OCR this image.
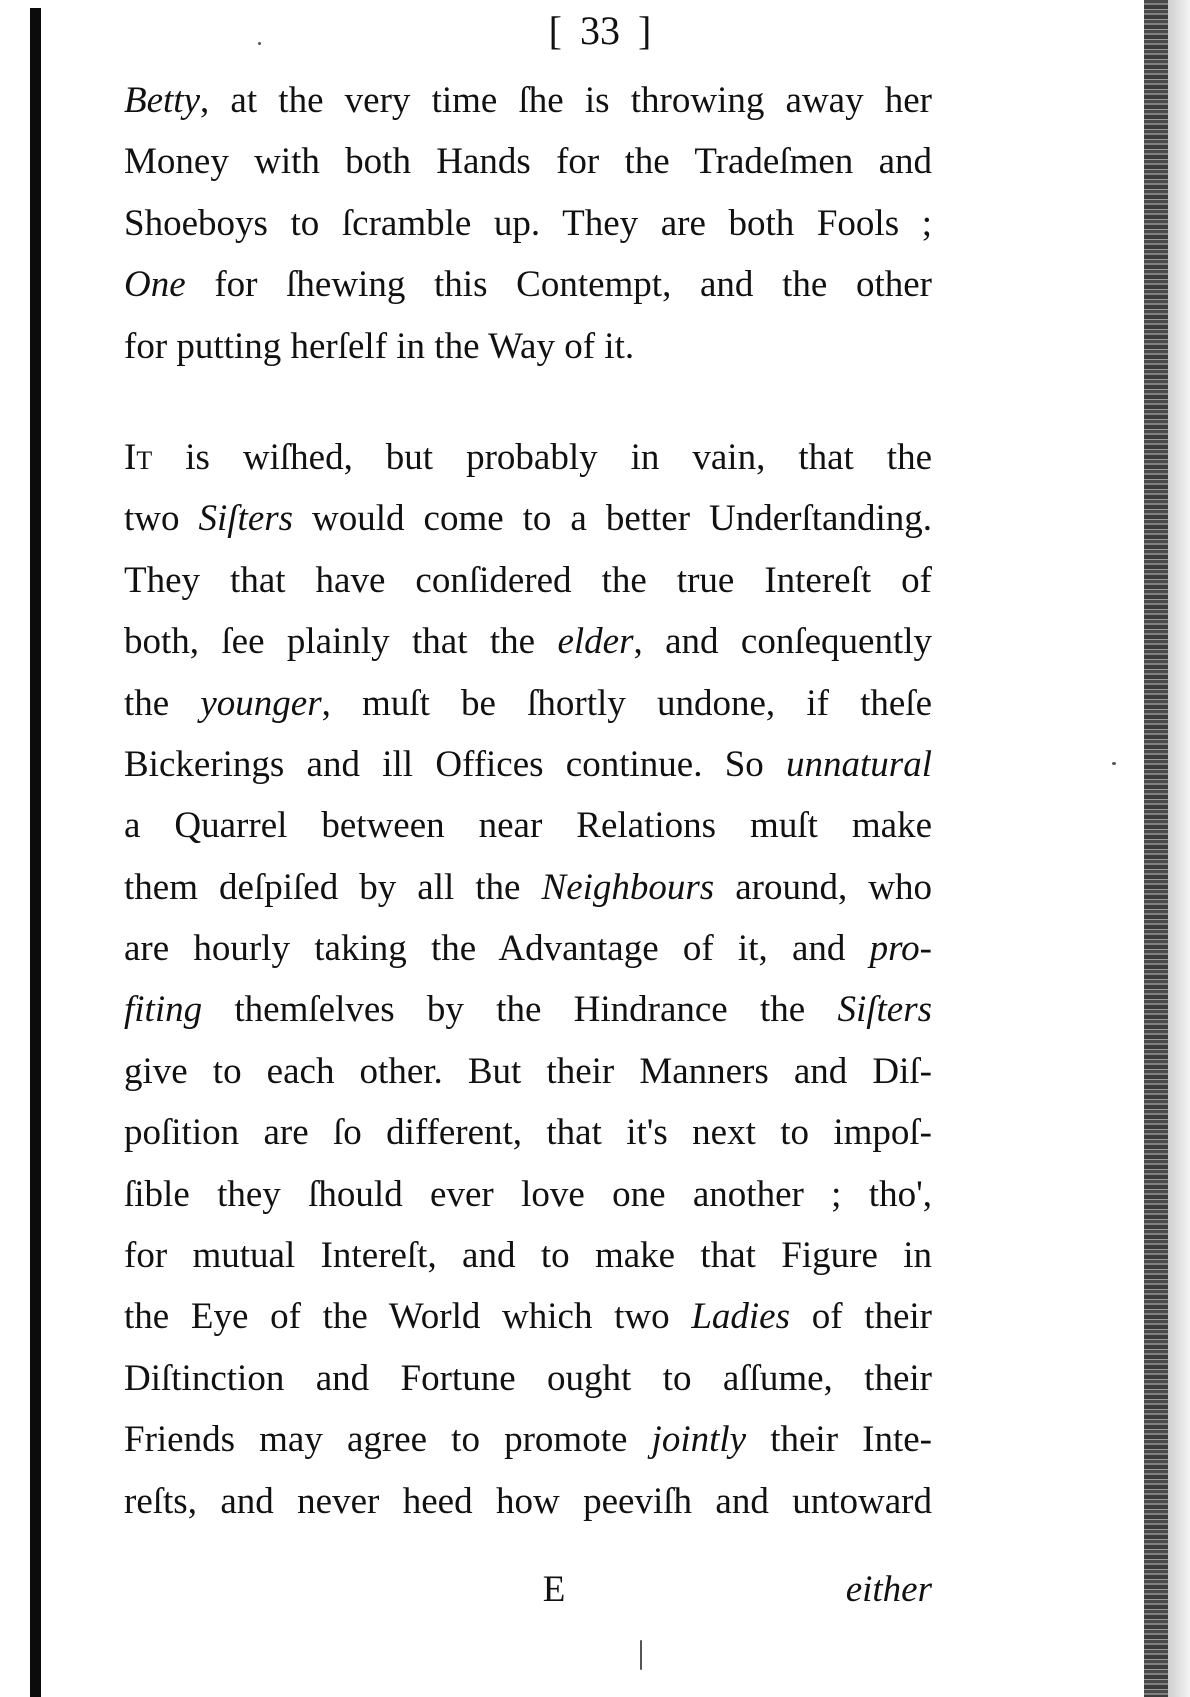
[ 33 ]
Betty, at the very time ſhe is throwing away her
Money with both Hands for the Tradeſmen and
Shoeboys to ſcramble up. They are both Fools ;
One for ſhewing this Contempt, and the other
for putting herſelf in the Way of it.
It is wiſhed, but probably in vain, that the
two Siſters would come to a better Underſtanding.
They that have conſidered the true Intereſt of
both, ſee plainly that the elder, and conſequently
the younger, muſt be ſhortly undone, if theſe
Bickerings and ill Offices continue. So unnatural
a Quarrel between near Relations muſt make
them deſpiſed by all the Neighbours around, who
are hourly taking the Advantage of it, and pro-
fiting themſelves by the Hindrance the Siſters
give to each other. But their Manners and Diſ-
poſition are ſo different, that it's next to impoſ-
ſible they ſhould ever love one another ; tho',
for mutual Intereſt, and to make that Figure in
the Eye of the World which two Ladies of their
Diſtinction and Fortune ought to aſſume, their
Friends may agree to promote jointly their Inte-
reſts, and never heed how peeviſh and untoward
E	either
